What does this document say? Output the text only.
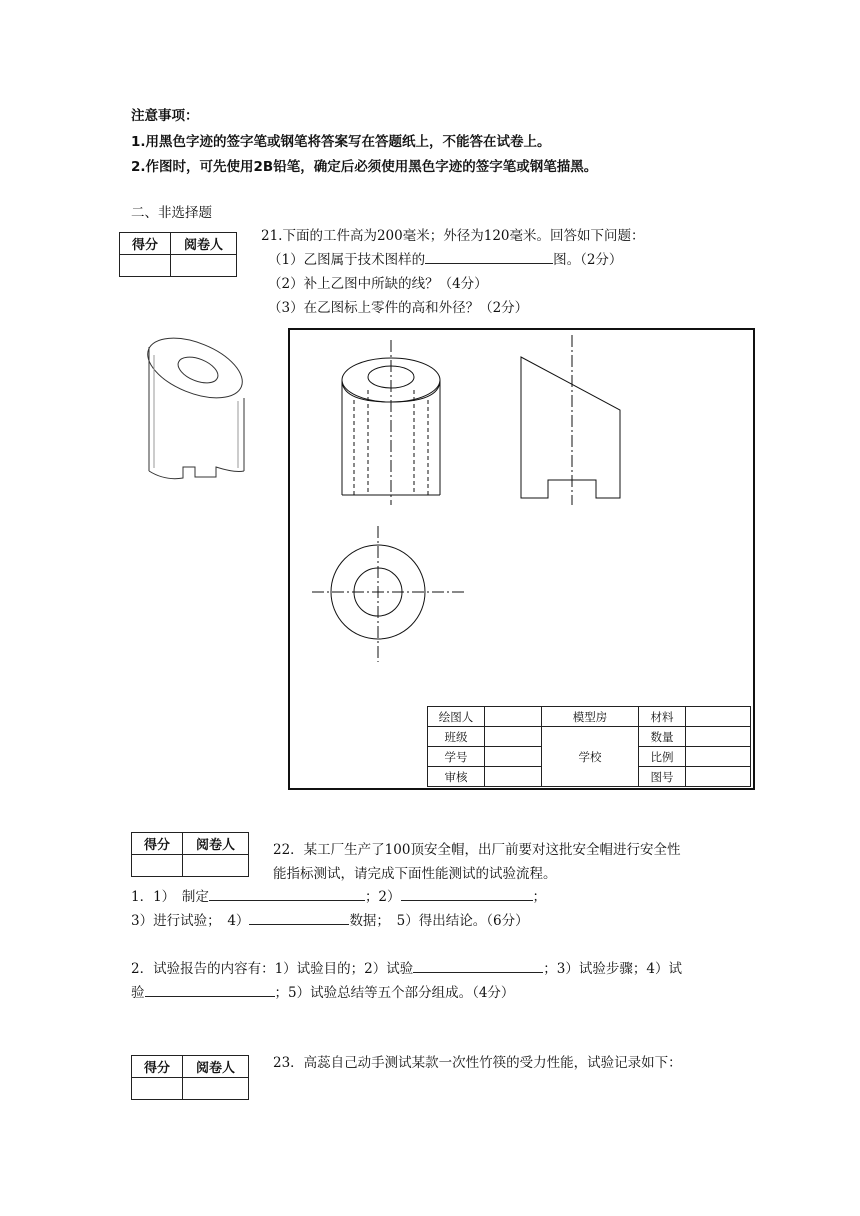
注意事项：
1.用黑色字迹的签字笔或钢笔将答案写在答题纸上，不能答在试卷上。
2.作图时，可先使用2B铅笔，确定后必须使用黑色字迹的签字笔或钢笔描黑。
二、非选择题
得分	阅卷人

21.下面的工件高为200毫米；外径为120毫米。回答如下问题：
（1）乙图属于技术图样的	图。（2分）
（2）补上乙图中所缺的线？（4分）
（3）在乙图标上零件的高和外径？（2分）
绘图人		模型房	材料	
班级		学校	数量	
学号			比例	
审核			图号	
得分	阅卷人
		22．某工厂生产了100顶安全帽，出厂前要对这批安全帽进行安全性
能指标测试，请完成下面性能测试的试验流程。
1．1）　制定	；2）	；
3）进行试验；　4）	数据；　5）得出结论。（6分）
2．试验报告的内容有：1）试验目的；2）试验	；3）试验步骤；4）试
验	；5）试验总结等五个部分组成。（4分）
得分	阅卷人
		23．高蕊自己动手测试某款一次性竹筷的受力性能，试验记录如下：
